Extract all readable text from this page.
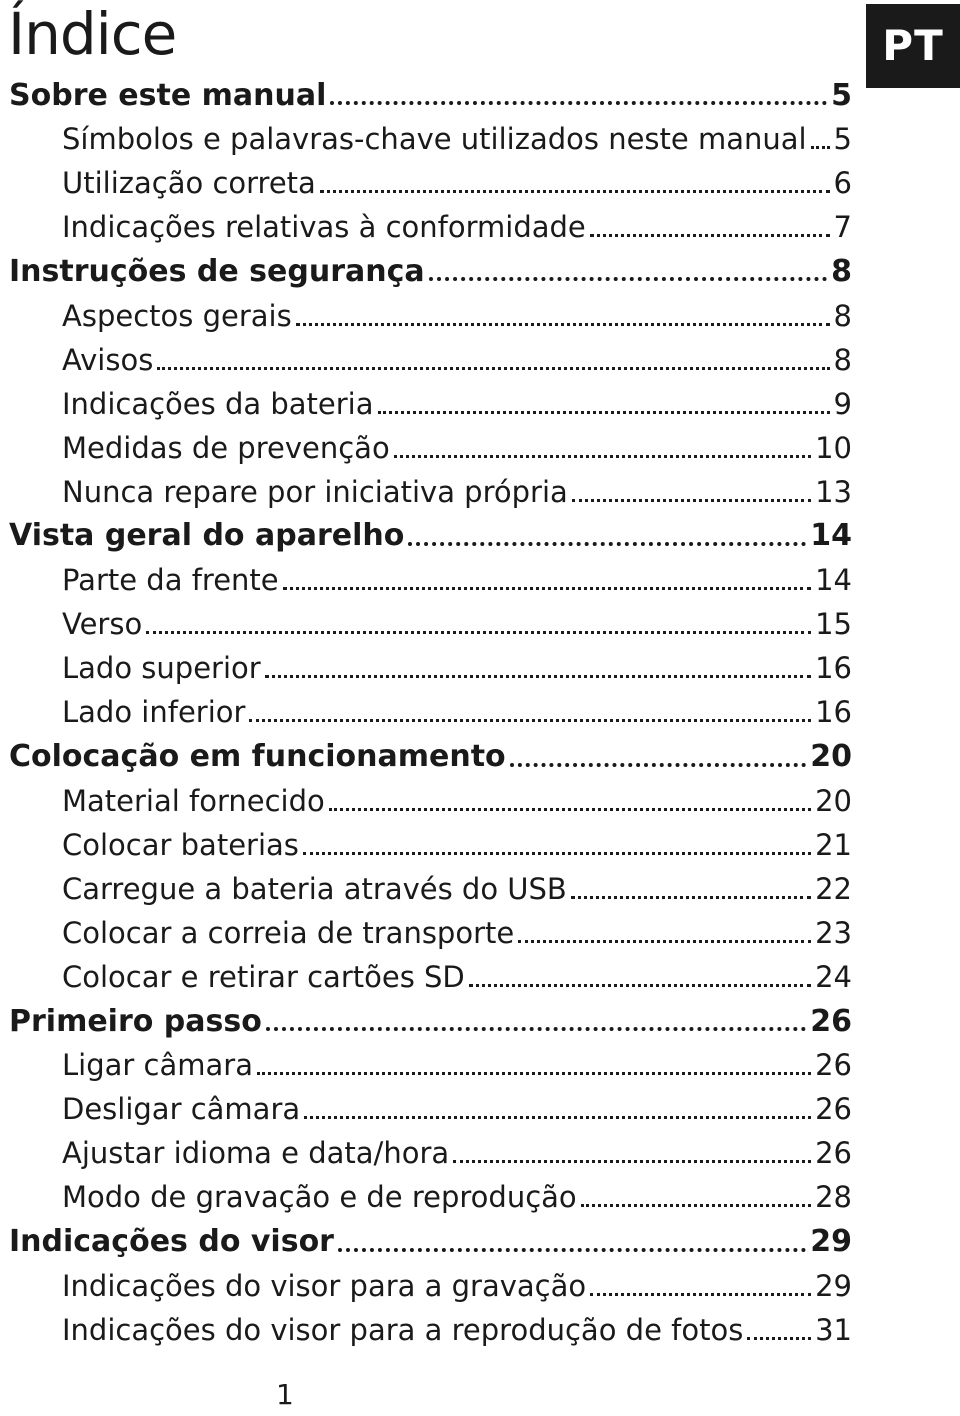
Índice	PT
Sobre este manual	5
Símbolos e palavras-chave utilizados neste manual 5
Utilização correta	6
Indicações relativas à conformidade	7
Instruções de segurança	8
Aspectos gerais	8
Avisos	8
Indicações da bateria	9
Medidas de prevenção	10
Nunca repare por iniciativa própria	13
Vista geral do aparelho	14
Parte da frente	14
Verso	15
Lado superior	16
Lado inferior	16
Colocação em funcionamento	20
Material fornecido	20
Colocar baterias	21
Carregue a bateria através do USB	22
Colocar a correia de transporte	23
Colocar e retirar cartões SD	24
Primeiro passo	26
Ligar câmara	26
Desligar câmara	26
Ajustar idioma e data/hora	26
Modo de gravação e de reprodução	28
Indicações do visor	29
Indicações do visor para a gravação	29
Indicações do visor para a reprodução de fotos 31
1
